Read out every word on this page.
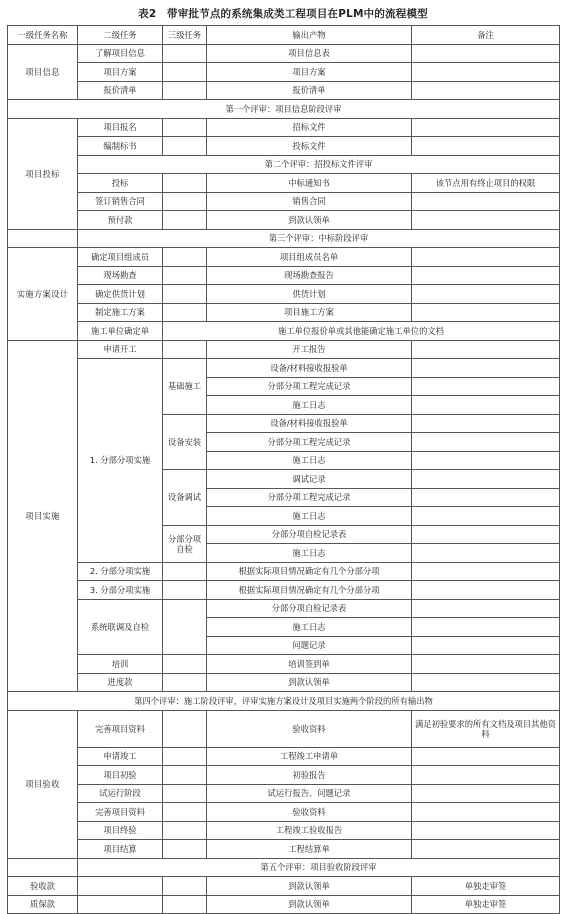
表2　带审批节点的系统集成类工程项目在PLM中的流程模型
一级任务名称	二级任务	三级任务	输出产物	备注
项目信息	了解项目信息		项目信息表	
	项目方案		项目方案	
	报价清单		报价清单	
第一个评审：项目信息阶段评审				
项目投标	项目报名		招标文件	
	编制标书		投标文件	
	第二个评审：招投标文件评审			
	投标		中标通知书	该节点用有终止项目的权限
	签订销售合同		销售合同	
	预付款		到款认领单	
	第三个评审：中标阶段评审			
实施方案设计	确定项目组成员		项目组成员名单	
	现场勘查		现场勘查报告	
	确定供货计划		供货计划	
	制定施工方案		项目施工方案	
	施工单位确定单	施工单位报价单或其他能确定施工单位的文档		
项目实施	申请开工		开工报告	
	1. 分部分项实施	基础施工	设备/材料接收报验单	
			分部分项工程完成记录	
			施工日志	
		设备安装	设备/材料接收报验单	
			分部分项工程完成记录	
			施工日志	
		设备调试	调试记录	
			分部分项工程完成记录	
			施工日志	
		分部分项自检	分部分项自检记录表	
			施工日志	
	2. 分部分项实施		根据实际项目情况确定有几个分部分项	
	3. 分部分项实施		根据实际项目情况确定有几个分部分项	
	系统联调及自检		分部分项自检记录表	
			施工日志	
			问题记录	
	培训		培训签到单	
	进度款		到款认领单	
第四个评审：施工阶段评审，评审实施方案设计及项目实施两个阶段的所有输出物				
项目验收	完善项目资料		验收资料	满足初验要求的所有文档及项目其他资料
	申请竣工		工程竣工申请单	
	项目初验		初验报告	
	试运行阶段		试运行报告、问题记录	
	完善项目资料		验收资料	
	项目终验		工程竣工验收报告	
	项目结算		工程结算单	
	第五个评审：项目验收阶段评审			
验收款			到款认领单	单独走审签
质保款			到款认领单	单独走审签
